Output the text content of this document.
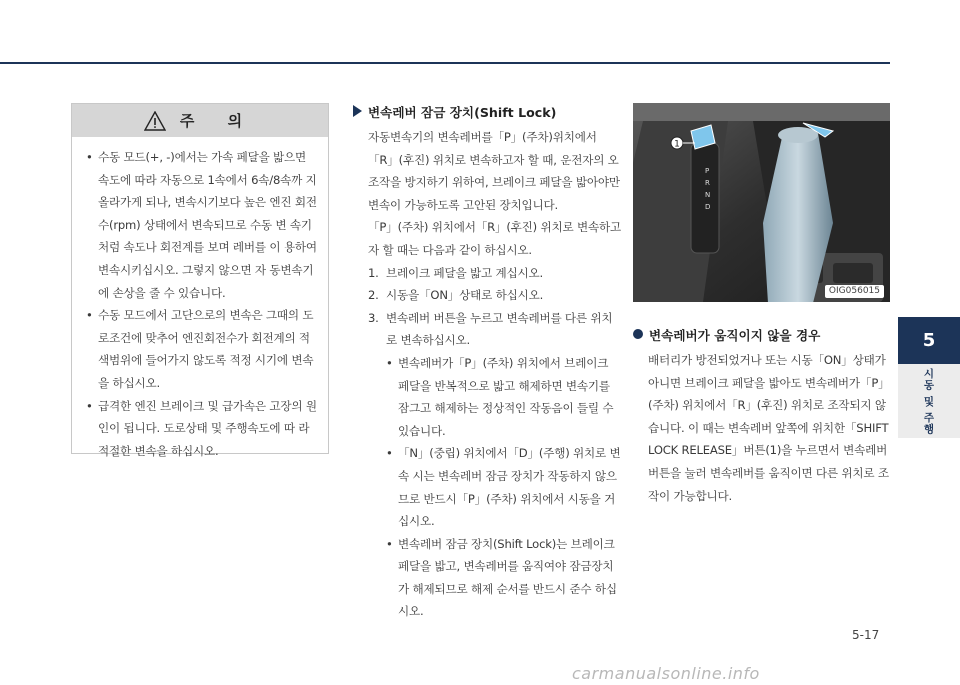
주 의
• 수동 모드(+, -)에서는 가속 페달을 밟으면 속도에 따라 자동으로 1속에서 6속/8속까 지 올라가게 되나, 변속시기보다 높은 엔진 회전수(rpm) 상태에서 변속되므로 수동 변 속기 처럼 속도나 회전계를 보며 레버를 이 용하여 변속시키십시오. 그렇지 않으면 자 동변속기에 손상을 줄 수 있습니다.
• 수동 모드에서 고단으로의 변속은 그때의 도로조건에 맞추어 엔진회전수가 회전계의 적색범위에 들어가지 않도록 적정 시기에 변속을 하십시오.
• 급격한 엔진 브레이크 및 급가속은 고장의 원인이 됩니다. 도로상태 및 주행속도에 따 라 적절한 변속을 하십시오.
변속레버 잠금 장치(Shift Lock)

자동변속기의 변속레버를「P」(주차)위치에서「R」(후진) 위치로 변속하고자 할 때, 운전자의 오조작을 방지하기 위하여, 브레이크 페달을 밟아야만 변속이 가능하도록 고안된 장치입니다.

「P」(주차) 위치에서「R」(후진) 위치로 변속하고자 할 때는 다음과 같이 하십시오.

1. 브레이크 페달을 밟고 계십시오.
2. 시동을「ON」상태로 하십시오.
3. 변속레버 버튼을 누르고 변속레버를 다른 위치로 변속하십시오.
• 변속레버가「P」(주차) 위치에서 브레이크 페달을 반복적으로 밟고 해제하면 변속기를 잠그고 해제하는 정상적인 작동음이 들릴 수 있습니다.
• 「N」(중립) 위치에서「D」(주행) 위치로 변속 시는 변속레버 잠금 장치가 작동하지 않으므로 반드시「P」(주차) 위치에서 시동을 거십시오.
• 변속레버 잠금 장치(Shift Lock)는 브레이크 페달을 밟고, 변속레버를 움직여야 잠금장치가 해제되므로 해제 순서를 반드시 준수 하십시오.
1
P
R
N
D
OIG056015
변속레버가 움직이지 않을 경우

배터리가 방전되었거나 또는 시동「ON」상태가 아니면 브레이크 페달을 밟아도 변속레버가「P」(주차) 위치에서「R」(후진) 위치로 조작되지 않습니다. 이 때는 변속레버 앞쪽에 위치한「SHIFT LOCK RELEASE」버튼(1)을 누르면서 변속레버 버튼을 눌러 변속레버를 움직이면 다른 위치로 조작이 가능합니다.

5
시동 및 주행
5-17
carmanualsonline.info
